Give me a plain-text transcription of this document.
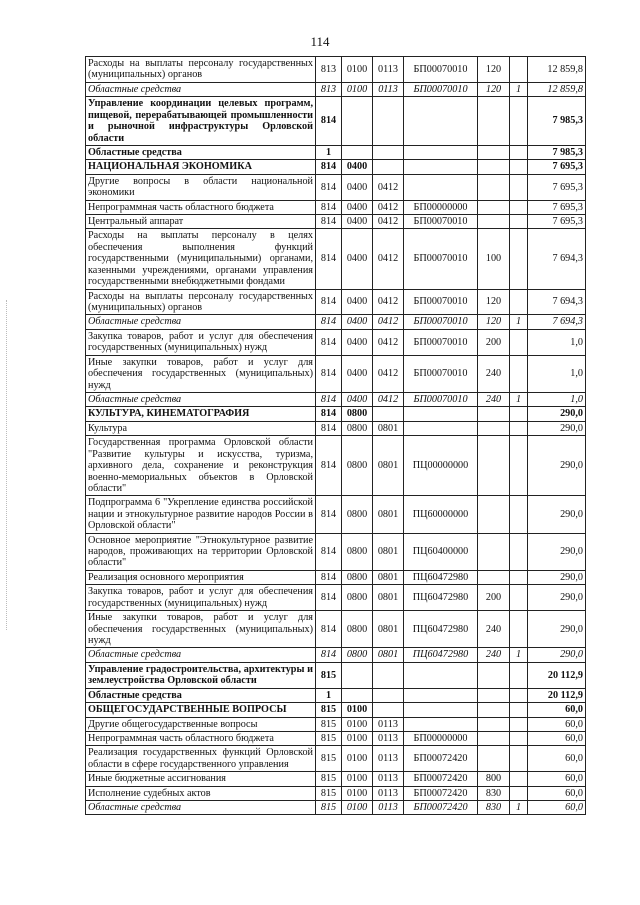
114
Расходы на выплаты персоналу государственных (муниципальных) органов	813	0100	0113	БП00070010	120		12 859,8
Областные средства	813	0100	0113	БП00070010	120	1	12 859,8
Управление координации целевых программ, пищевой, перерабатывающей промышленности и рыночной инфраструктуры Орловской области	814						7 985,3
Областные средства	1						7 985,3
НАЦИОНАЛЬНАЯ ЭКОНОМИКА	814	0400					7 695,3
Другие вопросы в области национальной экономики	814	0400	0412				7 695,3
Непрограммная часть областного бюджета	814	0400	0412	БП00000000			7 695,3
Центральный аппарат	814	0400	0412	БП00070010			7 695,3
Расходы на выплаты персоналу в целях обеспечения выполнения функций государственными (муниципальными) органами, казенными учреждениями, органами управления государственными внебюджетными фондами	814	0400	0412	БП00070010	100		7 694,3
Расходы на выплаты персоналу государственных (муниципальных) органов	814	0400	0412	БП00070010	120		7 694,3
Областные средства	814	0400	0412	БП00070010	120	1	7 694,3
Закупка товаров, работ и услуг для обеспечения государственных (муниципальных) нужд	814	0400	0412	БП00070010	200		1,0
Иные закупки товаров, работ и услуг для обеспечения государственных (муниципальных) нужд	814	0400	0412	БП00070010	240		1,0
Областные средства	814	0400	0412	БП00070010	240	1	1,0
КУЛЬТУРА, КИНЕМАТОГРАФИЯ	814	0800					290,0
Культура	814	0800	0801				290,0
Государственная программа Орловской области "Развитие культуры и искусства, туризма, архивного дела, сохранение и реконструкция военно-мемориальных объектов в Орловской области"	814	0800	0801	ПЦ00000000			290,0
Подпрограмма 6 "Укрепление единства российской нации и этнокультурное развитие народов России в Орловской области"	814	0800	0801	ПЦ60000000			290,0
Основное мероприятие "Этнокультурное развитие народов, проживающих на территории Орловской области"	814	0800	0801	ПЦ60400000			290,0
Реализация основного мероприятия	814	0800	0801	ПЦ60472980			290,0
Закупка товаров, работ и услуг для обеспечения государственных (муниципальных) нужд	814	0800	0801	ПЦ60472980	200		290,0
Иные закупки товаров, работ и услуг для обеспечения государственных (муниципальных) нужд	814	0800	0801	ПЦ60472980	240		290,0
Областные средства	814	0800	0801	ПЦ60472980	240	1	290,0
Управление градостроительства, архитектуры и землеустройства Орловской области	815						20 112,9
Областные средства	1						20 112,9
ОБЩЕГОСУДАРСТВЕННЫЕ ВОПРОСЫ	815	0100					60,0
Другие общегосударственные вопросы	815	0100	0113				60,0
Непрограммная часть областного бюджета	815	0100	0113	БП00000000			60,0
Реализация государственных функций Орловской области в сфере государственного управления	815	0100	0113	БП00072420			60,0
Иные бюджетные ассигнования	815	0100	0113	БП00072420	800		60,0
Исполнение судебных актов	815	0100	0113	БП00072420	830		60,0
Областные средства	815	0100	0113	БП00072420	830	1	60,0
